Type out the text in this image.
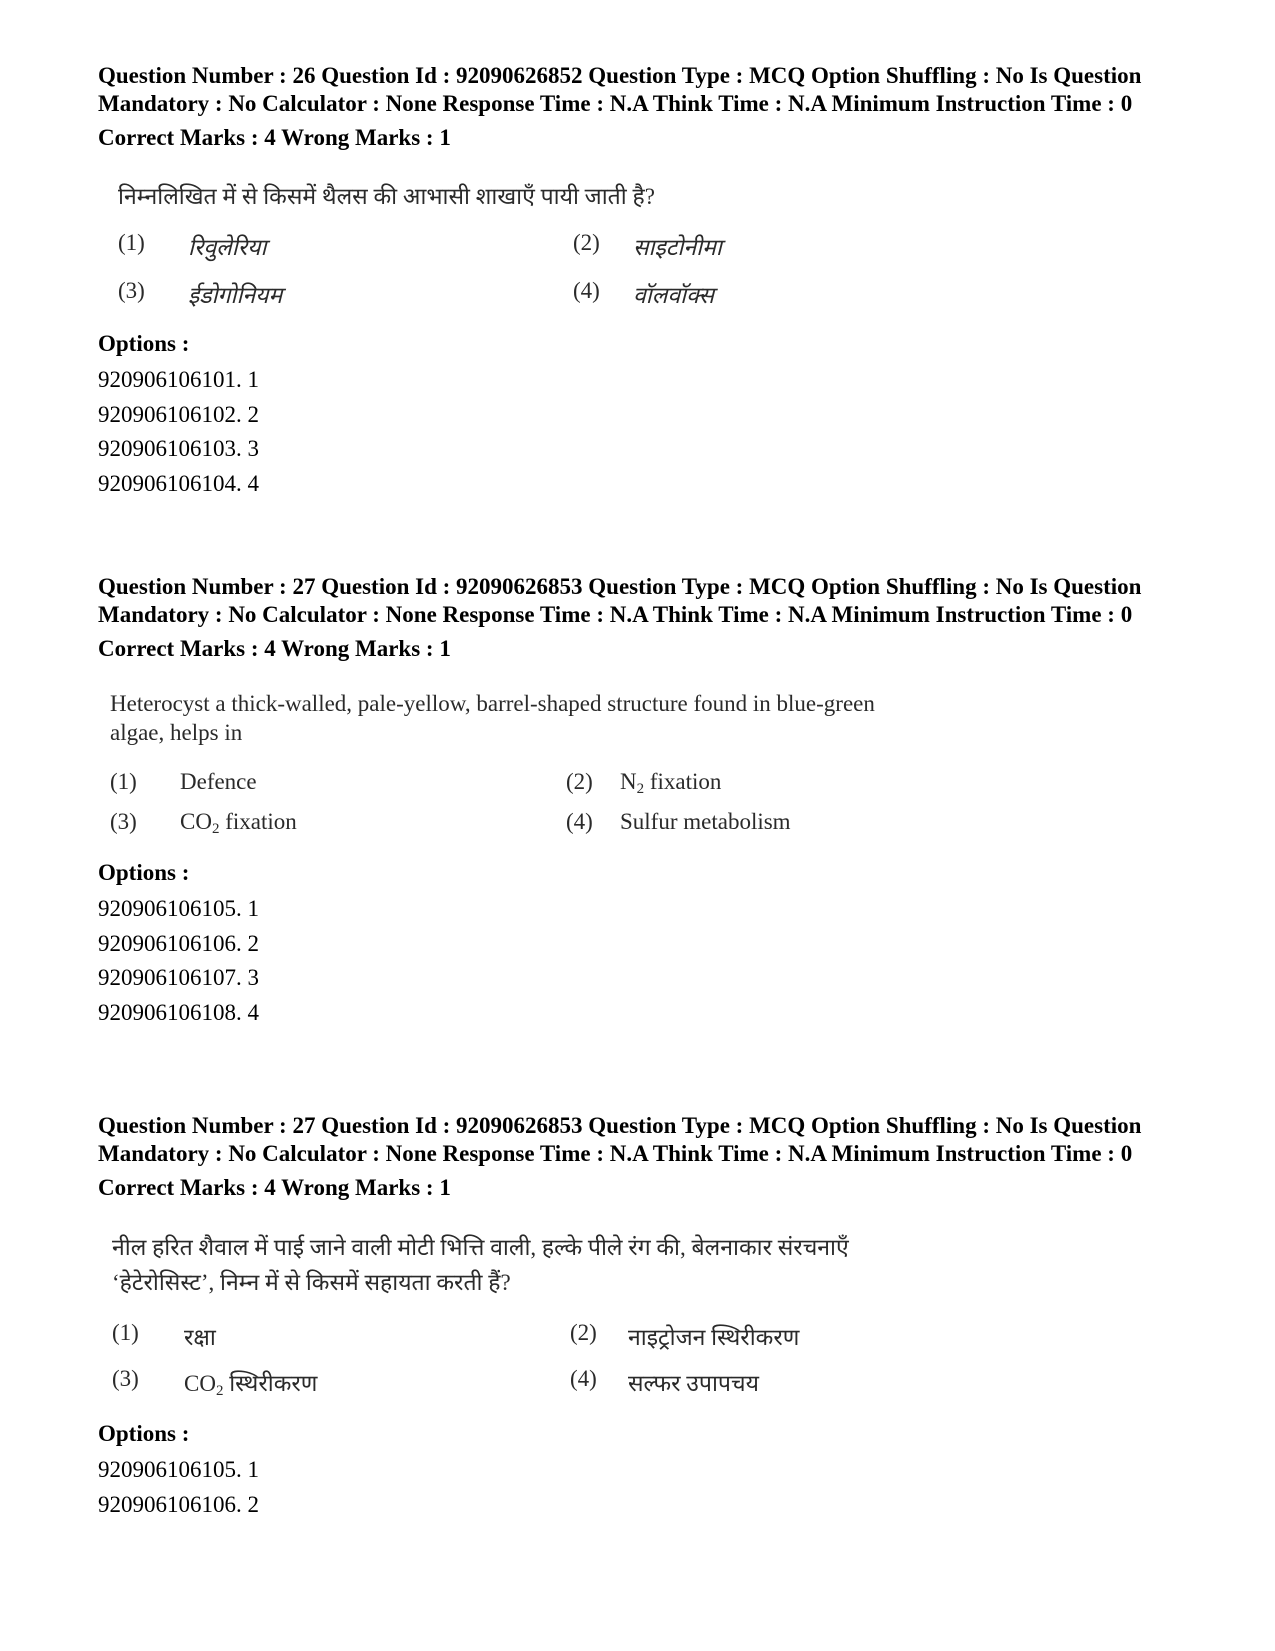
Question Number : 26 Question Id : 92090626852 Question Type : MCQ Option Shuffling : No Is Question Mandatory : No Calculator : None Response Time : N.A Think Time : N.A Minimum Instruction Time : 0

Correct Marks : 4 Wrong Marks : 1

निम्नलिखित में से किसमें थैलस की आभासी शाखाएँ पायी जाती है?
(1) रिवुलेरिया	(2) साइटोनीमा
(3) ईडोगोनियम	(4) वॉलवॉक्स

Options :

920906106101. 1

920906106102. 2

920906106103. 3

920906106104. 4

Question Number : 27 Question Id : 92090626853 Question Type : MCQ Option Shuffling : No Is Question Mandatory : No Calculator : None Response Time : N.A Think Time : N.A Minimum Instruction Time : 0

Correct Marks : 4 Wrong Marks : 1

Heterocyst a thick-walled, pale-yellow, barrel-shaped structure found in blue-green
algae, helps in
(1) Defence	(2) $N_2$ fixation
(3) $CO_2$ fixation	(4) Sulfur metabolism

Options :

920906106105. 1

920906106106. 2

920906106107. 3

920906106108. 4

Question Number : 27 Question Id : 92090626853 Question Type : MCQ Option Shuffling : No Is Question Mandatory : No Calculator : None Response Time : N.A Think Time : N.A Minimum Instruction Time : 0

Correct Marks : 4 Wrong Marks : 1

नील हरित शैवाल में पाई जाने वाली मोटी भित्ति वाली, हल्के पीले रंग की, बेलनाकार संरचनाएँ
‘हेटेरोसिस्ट’, निम्न में से किसमें सहायता करती हैं?
(1) रक्षा	(2) नाइट्रोजन स्थिरीकरण
(3) $CO_2$ स्थिरीकरण	(4) सल्फर उपापचय

Options :

920906106105. 1

920906106106. 2
